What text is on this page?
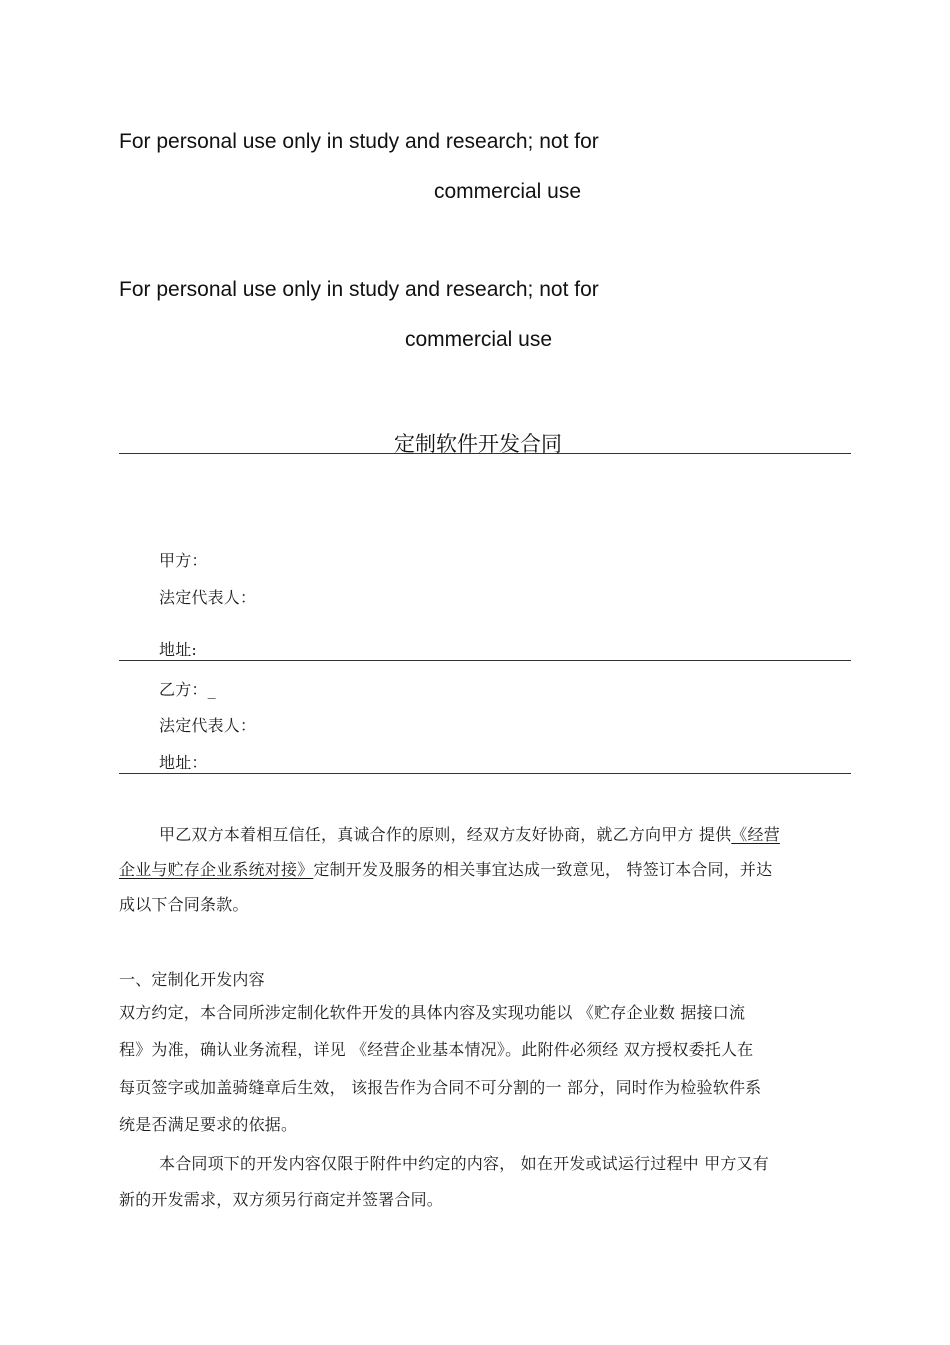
For personal use only in study and research; not for
commercial use
For personal use only in study and research; not for
commercial use
定制软件开发合同
甲方：
法定代表人：
地址:
乙方：_
法定代表人：
地址：
甲乙双方本着相互信任，真诚合作的原则，经双方友好协商，就乙方向甲方 提供《经营
企业与贮存企业系统对接》定制开发及服务的相关事宜达成一致意见， 特签订本合同，并达
成以下合同条款。
一、定制化开发内容
双方约定，本合同所涉定制化软件开发的具体内容及实现功能以 《贮存企业数 据接口流
程》为准，确认业务流程，详见 《经营企业基本情况》。此附件必须经 双方授权委托人在
每页签字或加盖骑缝章后生效， 该报告作为合同不可分割的一 部分，同时作为检验软件系
统是否满足要求的依据。
本合同项下的开发内容仅限于附件中约定的内容， 如在开发或试运行过程中 甲方又有
新的开发需求，双方须另行商定并签署合同。
